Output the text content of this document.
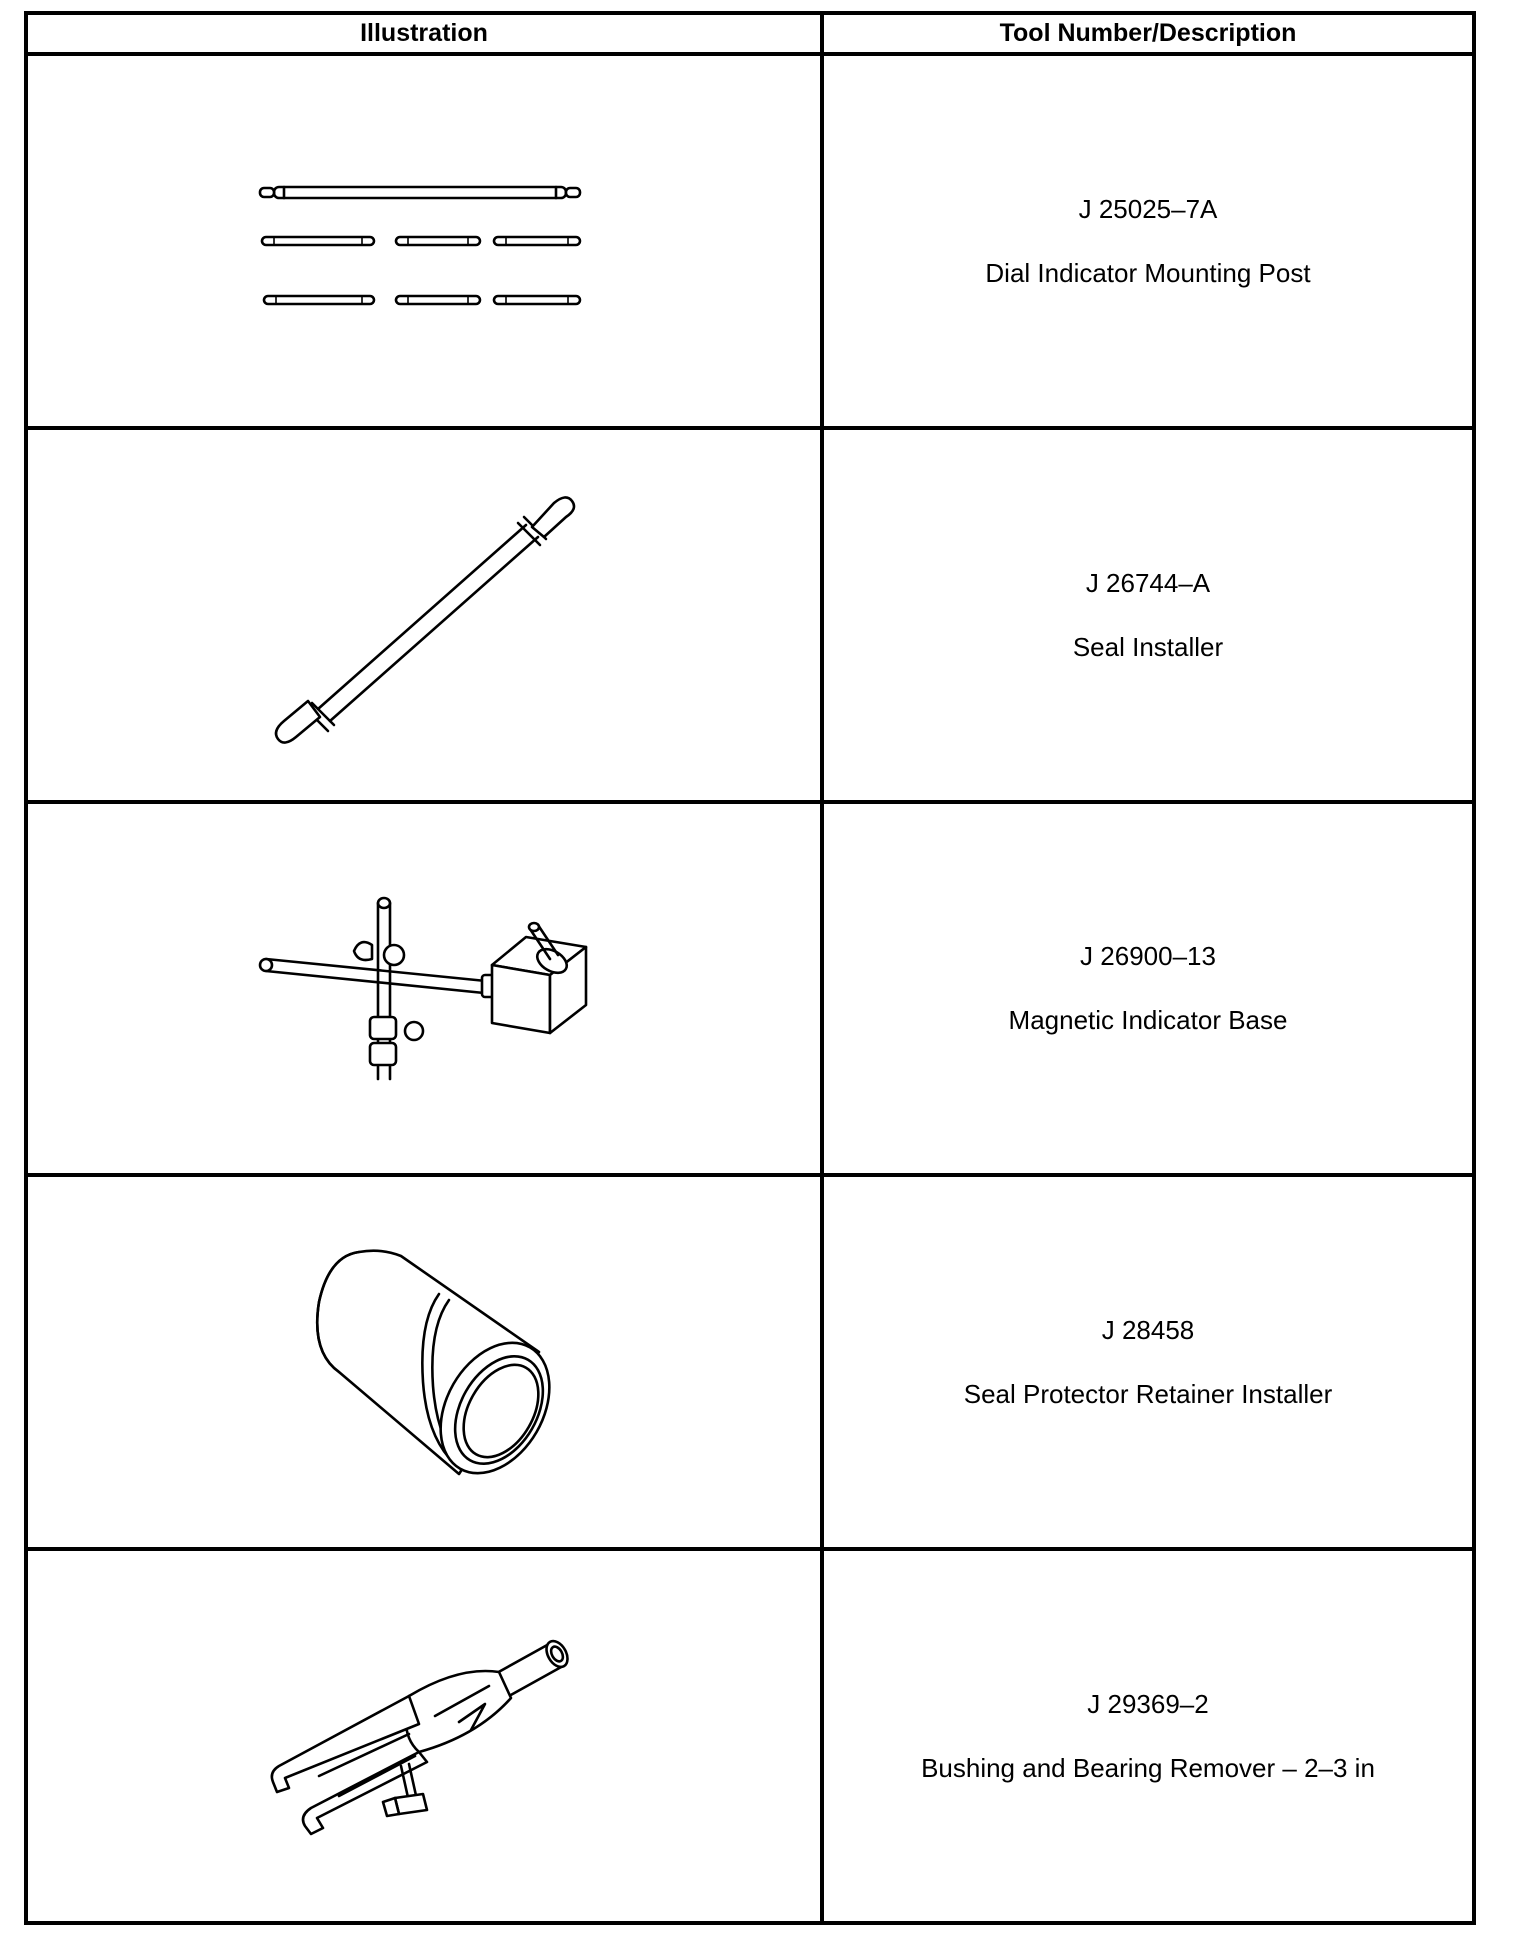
Illustration	Tool Number/Description

J 25025–7A
Dial Indicator Mounting Post

J 26744–A
Seal Installer

J 26900–13
Magnetic Indicator Base

J 28458
Seal Protector Retainer Installer

J 29369–2
Bushing and Bearing Remover – 2–3 in
